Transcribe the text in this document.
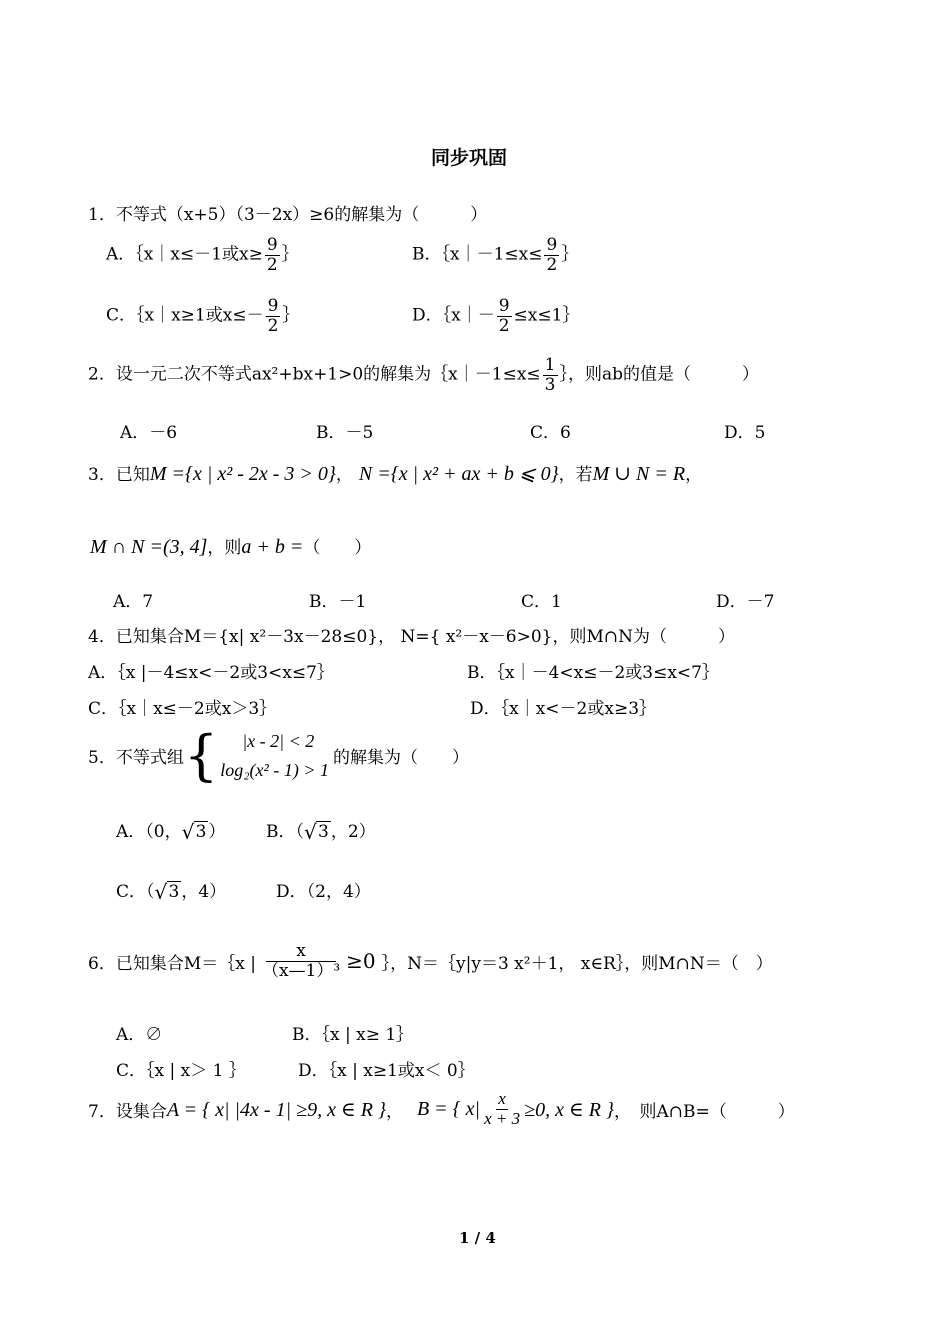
同步巩固
1．不等式（x+5）（3－2x）≥6的解集为（　　　）
A．｛x｜x≤－1或$x\ge \frac{9}{2}$ ｝	B．｛x｜－1≤x≤ $\frac{9}{2}$ ｝
C．｛x｜x≥1或$x\le- \frac{9}{2}$ ｝	D．｛x｜－ $\frac{9}{2}$ ≤x≤1｝
2．设一元二次不等式ax²+bx+1>0的解集为｛x｜－1≤x≤ $\frac{1}{3}$ ｝，则ab的值是（　　　）
A．－6	B．－5	C．6	D．5
3．已知M ={x | x² - 2x - 3 > 0}， N ={x | x² + ax + b ⩽ 0}，若M ∪ N = R，
M ∩ N =(3, 4]，则a + b =（　　）
A．7	B．－1	C．1	D．－7
4．已知集合M＝{x| x²－3x－28≤0}， N={ x²－x－6>0}，则M∩N为（　　　）
A．｛x |－4≤x<－2或3<x≤7｝	B．｛x｜－4<x≤－2或3≤x<7｝
C．｛x｜x≤－2或x＞3｝	D．｛x｜x<－2或x≥3｝
5．不等式组 {	|x - 2| < 2
log₂(x² - 1) > 1
的解集为（　　）
A．（0， √ 3 ） B．（ √ 3 ，2）
C．（ √ 3 ，4）	D．（2，4）
6．已知集合M＝｛x | $\frac{x}{\text{（x—1）³}} \ge 0$ ｝，N＝｛y|y＝3 x²＋1， x∈R｝，则M∩N＝（　）
A．∅	B．｛x | x≥ 1｝
C．｛x | x＞ 1 ｝	D．｛x | x≥1或x＜ 0｝
7．设集合 A = { x| |4x - 1| ≥9, x ∈ R } ， B = { $x| \frac{x}{x + 3} \ge 0$, x ∈ R } ，　则A∩B=（　　　）
1 / 4
